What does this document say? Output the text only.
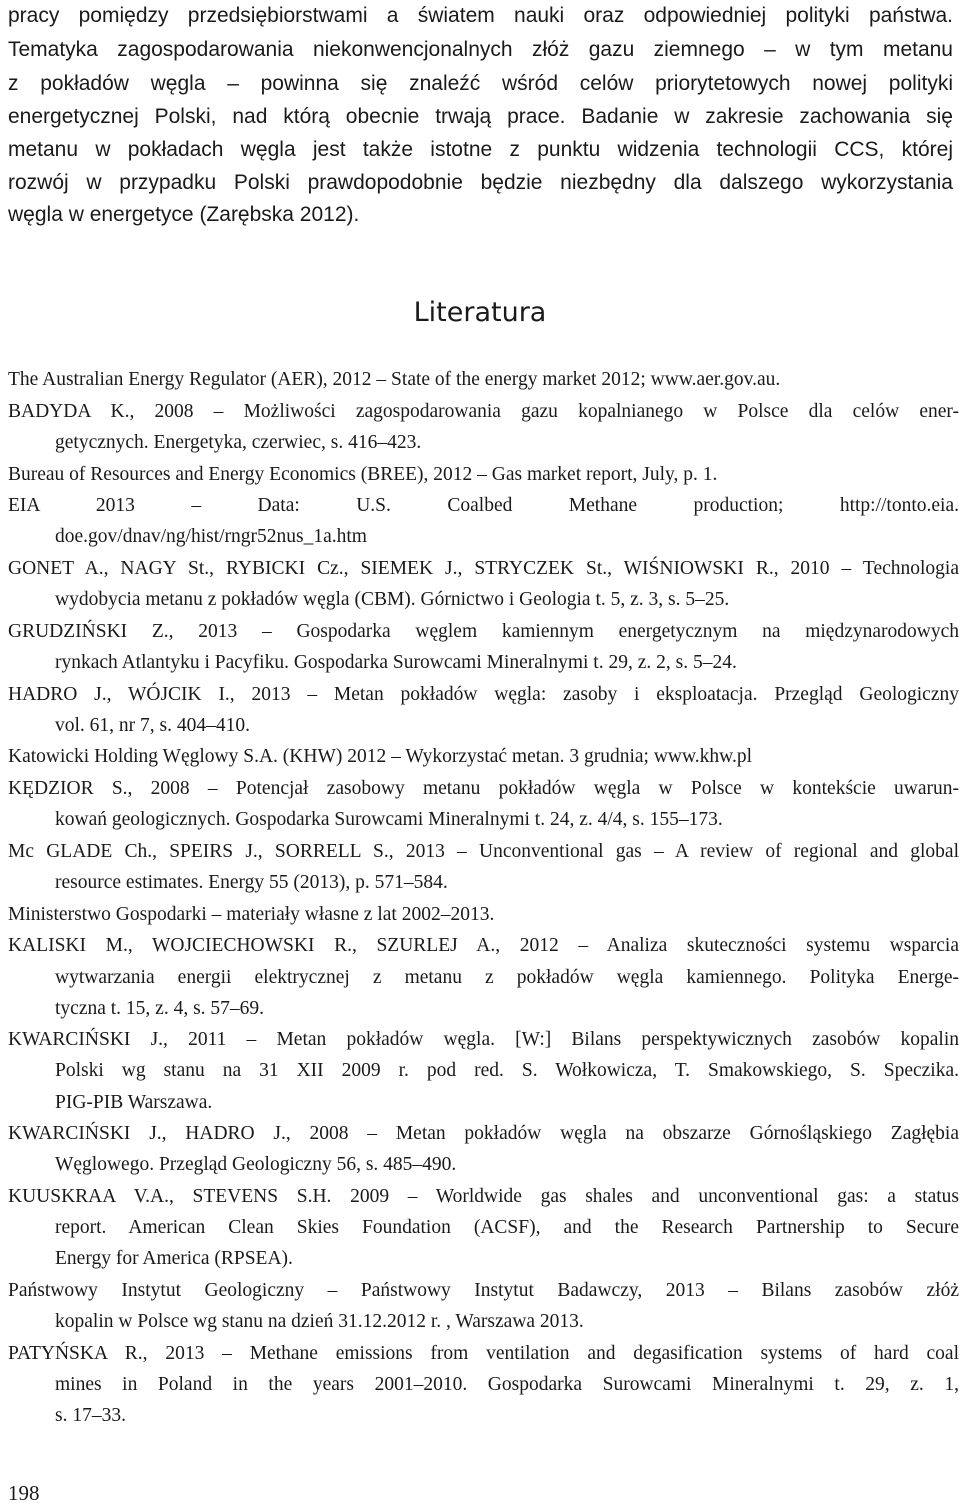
pracy pomiędzy przedsiębiorstwami a światem nauki oraz odpowiedniej polityki państwa.
Tematyka zagospodarowania niekonwencjonalnych złóż gazu ziemnego – w tym metanu
z pokładów węgla – powinna się znaleźć wśród celów priorytetowych nowej polityki
energetycznej Polski, nad którą obecnie trwają prace. Badanie w zakresie zachowania się
metanu w pokładach węgla jest także istotne z punktu widzenia technologii CCS, której
rozwój w przypadku Polski prawdopodobnie będzie niezbędny dla dalszego wykorzystania
węgla w energetyce (Zarębska 2012).
Literatura
The Australian Energy Regulator (AER), 2012 – State of the energy market 2012; www.aer.gov.au.
BADYDA K., 2008 – Możliwości zagospodarowania gazu kopalnianego w Polsce dla celów ener-
getycznych. Energetyka, czerwiec, s. 416–423.
Bureau of Resources and Energy Economics (BREE), 2012 – Gas market report, July, p. 1.
EIA 2013 – Data: U.S. Coalbed Methane production; http://tonto.eia.
doe.gov/dnav/ng/hist/rngr52nus_1a.htm
GONET A., NAGY St., RYBICKI Cz., SIEMEK J., STRYCZEK St., WIŚNIOWSKI R., 2010 – Technologia
wydobycia metanu z pokładów węgla (CBM). Górnictwo i Geologia t. 5, z. 3, s. 5–25.
GRUDZIŃSKI Z., 2013 – Gospodarka węglem kamiennym energetycznym na międzynarodowych
rynkach Atlantyku i Pacyfiku. Gospodarka Surowcami Mineralnymi t. 29, z. 2, s. 5–24.
HADRO J., WÓJCIK I., 2013 – Metan pokładów węgla: zasoby i eksploatacja. Przegląd Geologiczny
vol. 61, nr 7, s. 404–410.
Katowicki Holding Węglowy S.A. (KHW) 2012 – Wykorzystać metan. 3 grudnia; www.khw.pl
KĘDZIOR S., 2008 – Potencjał zasobowy metanu pokładów węgla w Polsce w kontekście uwarun-
kowań geologicznych. Gospodarka Surowcami Mineralnymi t. 24, z. 4/4, s. 155–173.
Mc GLADE Ch., SPEIRS J., SORRELL S., 2013 – Unconventional gas – A review of regional and global
resource estimates. Energy 55 (2013), p. 571–584.
Ministerstwo Gospodarki – materiały własne z lat 2002–2013.
KALISKI M., WOJCIECHOWSKI R., SZURLEJ A., 2012 – Analiza skuteczności systemu wsparcia
wytwarzania energii elektrycznej z metanu z pokładów węgla kamiennego. Polityka Energe-
tyczna t. 15, z. 4, s. 57–69.
KWARCIŃSKI J., 2011 – Metan pokładów węgla. [W:] Bilans perspektywicznych zasobów kopalin
Polski wg stanu na 31 XII 2009 r. pod red. S. Wołkowicza, T. Smakowskiego, S. Speczika.
PIG-PIB Warszawa.
KWARCIŃSKI J., HADRO J., 2008 – Metan pokładów węgla na obszarze Górnośląskiego Zagłębia
Węglowego. Przegląd Geologiczny 56, s. 485–490.
KUUSKRAA V.A., STEVENS S.H. 2009 – Worldwide gas shales and unconventional gas: a status
report. American Clean Skies Foundation (ACSF), and the Research Partnership to Secure
Energy for America (RPSEA).
Państwowy Instytut Geologiczny – Państwowy Instytut Badawczy, 2013 – Bilans zasobów złóż
kopalin w Polsce wg stanu na dzień 31.12.2012 r. , Warszawa 2013.
PATYŃSKA R., 2013 – Methane emissions from ventilation and degasification systems of hard coal
mines in Poland in the years 2001–2010. Gospodarka Surowcami Mineralnymi t. 29, z. 1,
s. 17–33.
198
